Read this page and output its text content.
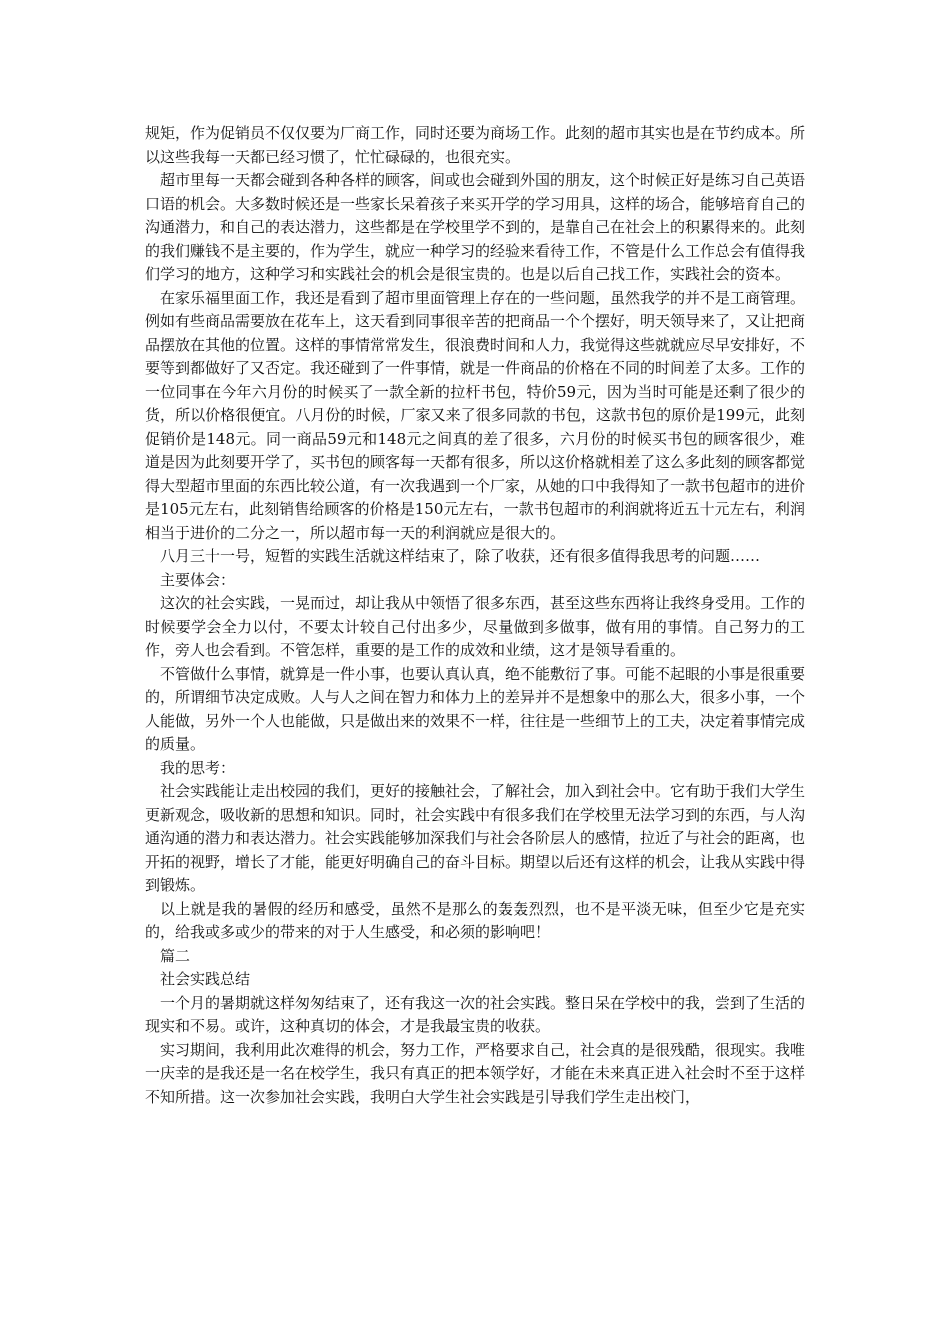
规矩，作为促销员不仅仅要为厂商工作，同时还要为商场工作。此刻的超市其实也是在节约成本。所以这些我每一天都已经习惯了，忙忙碌碌的，也很充实。

超市里每一天都会碰到各种各样的顾客，间或也会碰到外国的朋友，这个时候正好是练习自己英语口语的机会。大多数时候还是一些家长呆着孩子来买开学的学习用具，这样的场合，能够培育自己的沟通潜力，和自己的表达潜力，这些都是在学校里学不到的，是靠自己在社会上的积累得来的。此刻的我们赚钱不是主要的，作为学生，就应一种学习的经验来看待工作，不管是什么工作总会有值得我们学习的地方，这种学习和实践社会的机会是很宝贵的。也是以后自己找工作，实践社会的资本。

在家乐福里面工作，我还是看到了超市里面管理上存在的一些问题，虽然我学的并不是工商管理。例如有些商品需要放在花车上，这天看到同事很辛苦的把商品一个个摆好，明天领导来了，又让把商品摆放在其他的位置。这样的事情常常发生，很浪费时间和人力，我觉得这些就就应尽早安排好，不要等到都做好了又否定。我还碰到了一件事情，就是一件商品的价格在不同的时间差了太多。工作的一位同事在今年六月份的时候买了一款全新的拉杆书包，特价59元，因为当时可能是还剩了很少的货，所以价格很便宜。八月份的时候，厂家又来了很多同款的书包，这款书包的原价是199元，此刻促销价是148元。同一商品59元和148元之间真的差了很多，六月份的时候买书包的顾客很少，难道是因为此刻要开学了，买书包的顾客每一天都有很多，所以这价格就相差了这么多此刻的顾客都觉得大型超市里面的东西比较公道，有一次我遇到一个厂家，从她的口中我得知了一款书包超市的进价是105元左右，此刻销售给顾客的价格是150元左右，一款书包超市的利润就将近五十元左右，利润相当于进价的二分之一，所以超市每一天的利润就应是很大的。

八月三十一号，短暂的实践生活就这样结束了，除了收获，还有很多值得我思考的问题……

主要体会：

这次的社会实践，一晃而过，却让我从中领悟了很多东西，甚至这些东西将让我终身受用。工作的时候要学会全力以付，不要太计较自己付出多少，尽量做到多做事，做有用的事情。自己努力的工作，旁人也会看到。不管怎样，重要的是工作的成效和业绩，这才是领导看重的。

不管做什么事情，就算是一件小事，也要认真认真，绝不能敷衍了事。可能不起眼的小事是很重要的，所谓细节决定成败。人与人之间在智力和体力上的差异并不是想象中的那么大，很多小事，一个人能做，另外一个人也能做，只是做出来的效果不一样，往往是一些细节上的工夫，决定着事情完成的质量。

我的思考：

社会实践能让走出校园的我们，更好的接触社会，了解社会，加入到社会中。它有助于我们大学生更新观念，吸收新的思想和知识。同时，社会实践中有很多我们在学校里无法学习到的东西，与人沟通沟通的潜力和表达潜力。社会实践能够加深我们与社会各阶层人的感情，拉近了与社会的距离，也开拓的视野，增长了才能，能更好明确自己的奋斗目标。期望以后还有这样的机会，让我从实践中得到锻炼。

以上就是我的暑假的经历和感受，虽然不是那么的轰轰烈烈，也不是平淡无味，但至少它是充实的，给我或多或少的带来的对于人生感受，和必须的影响吧！

篇二

社会实践总结

一个月的暑期就这样匆匆结束了，还有我这一次的社会实践。整日呆在学校中的我，尝到了生活的现实和不易。或许，这种真切的体会，才是我最宝贵的收获。

实习期间，我利用此次难得的机会，努力工作，严格要求自己，社会真的是很残酷，很现实。我唯一庆幸的是我还是一名在校学生，我只有真正的把本领学好，才能在未来真正进入社会时不至于这样不知所措。这一次参加社会实践，我明白大学生社会实践是引导我们学生走出校门，
